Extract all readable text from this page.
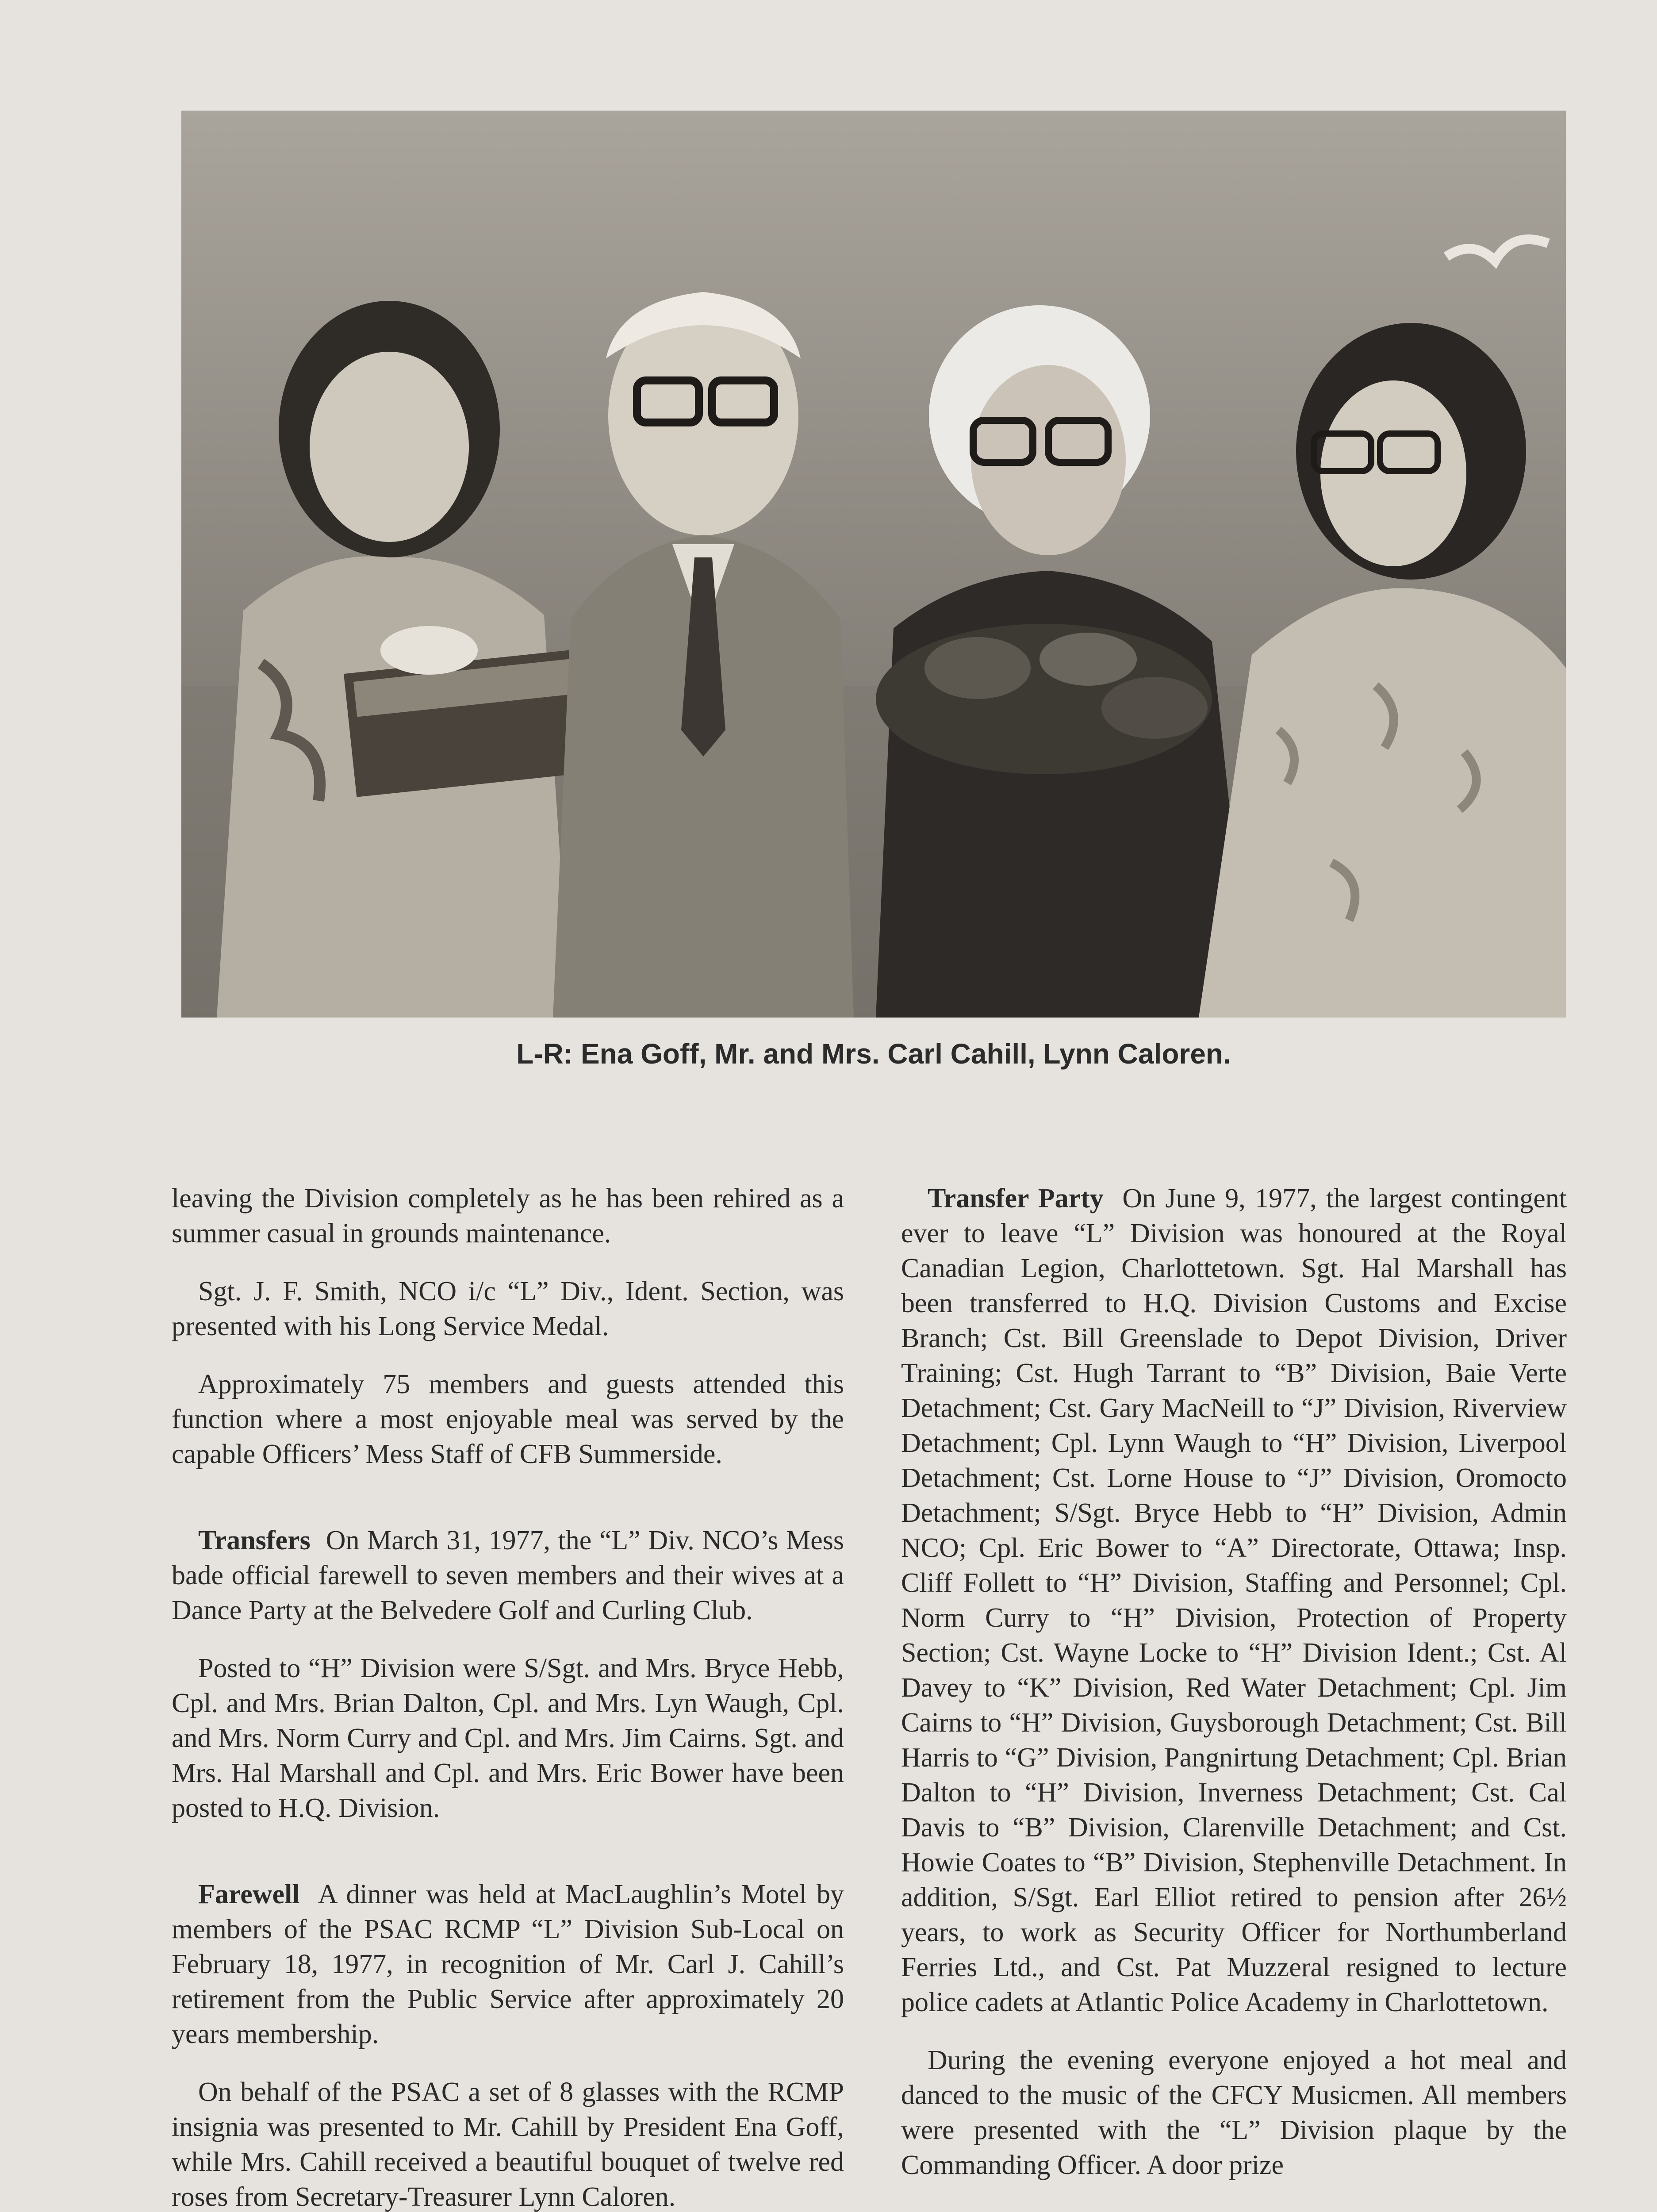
L-R: Ena Goff, Mr. and Mrs. Carl Cahill, Lynn Caloren.

leaving the Division completely as he has been rehired as a summer casual in grounds maintenance.

Sgt. J. F. Smith, NCO i/c “L” Div., Ident. Section, was presented with his Long Service Medal.

Approximately 75 members and guests attended this function where a most enjoyable meal was served by the capable Officers’ Mess Staff of CFB Summerside.

Transfers On March 31, 1977, the “L” Div. NCO’s Mess bade official farewell to seven members and their wives at a Dance Party at the Belvedere Golf and Curling Club.

Posted to “H” Division were S/Sgt. and Mrs. Bryce Hebb, Cpl. and Mrs. Brian Dalton, Cpl. and Mrs. Lyn Waugh, Cpl. and Mrs. Norm Curry and Cpl. and Mrs. Jim Cairns. Sgt. and Mrs. Hal Marshall and Cpl. and Mrs. Eric Bower have been posted to H.Q. Division.

Farewell A dinner was held at MacLaughlin’s Motel by members of the PSAC RCMP “L” Division Sub-Local on February 18, 1977, in recognition of Mr. Carl J. Cahill’s retirement from the Public Service after approximately 20 years membership.

On behalf of the PSAC a set of 8 glasses with the RCMP insignia was presented to Mr. Cahill by President Ena Goff, while Mrs. Cahill received a beautiful bouquet of twelve red roses from Secretary-Treasurer Lynn Caloren.

Transfer Party On June 9, 1977, the largest contingent ever to leave “L” Division was honoured at the Royal Canadian Legion, Charlottetown. Sgt. Hal Marshall has been transferred to H.Q. Division Customs and Excise Branch; Cst. Bill Greenslade to Depot Division, Driver Training; Cst. Hugh Tarrant to “B” Division, Baie Verte Detachment; Cst. Gary MacNeill to “J” Division, Riverview Detachment; Cpl. Lynn Waugh to “H” Division, Liverpool Detachment; Cst. Lorne House to “J” Division, Oromocto Detachment; S/Sgt. Bryce Hebb to “H” Division, Admin NCO; Cpl. Eric Bower to “A” Directorate, Ottawa; Insp. Cliff Follett to “H” Division, Staffing and Personnel; Cpl. Norm Curry to “H” Division, Protection of Property Section; Cst. Wayne Locke to “H” Division Ident.; Cst. Al Davey to “K” Division, Red Water Detachment; Cpl. Jim Cairns to “H” Division, Guysborough Detachment; Cst. Bill Harris to “G” Division, Pangnirtung Detachment; Cpl. Brian Dalton to “H” Division, Inverness Detachment; Cst. Cal Davis to “B” Division, Clarenville Detachment; and Cst. Howie Coates to “B” Division, Stephenville Detachment. In addition, S/Sgt. Earl Elliot retired to pension after 26½ years, to work as Security Officer for Northumberland Ferries Ltd., and Cst. Pat Muzzeral resigned to lecture police cadets at Atlantic Police Academy in Charlottetown.

During the evening everyone enjoyed a hot meal and danced to the music of the CFCY Musicmen. All members were presented with the “L” Division plaque by the Commanding Officer. A door prize
